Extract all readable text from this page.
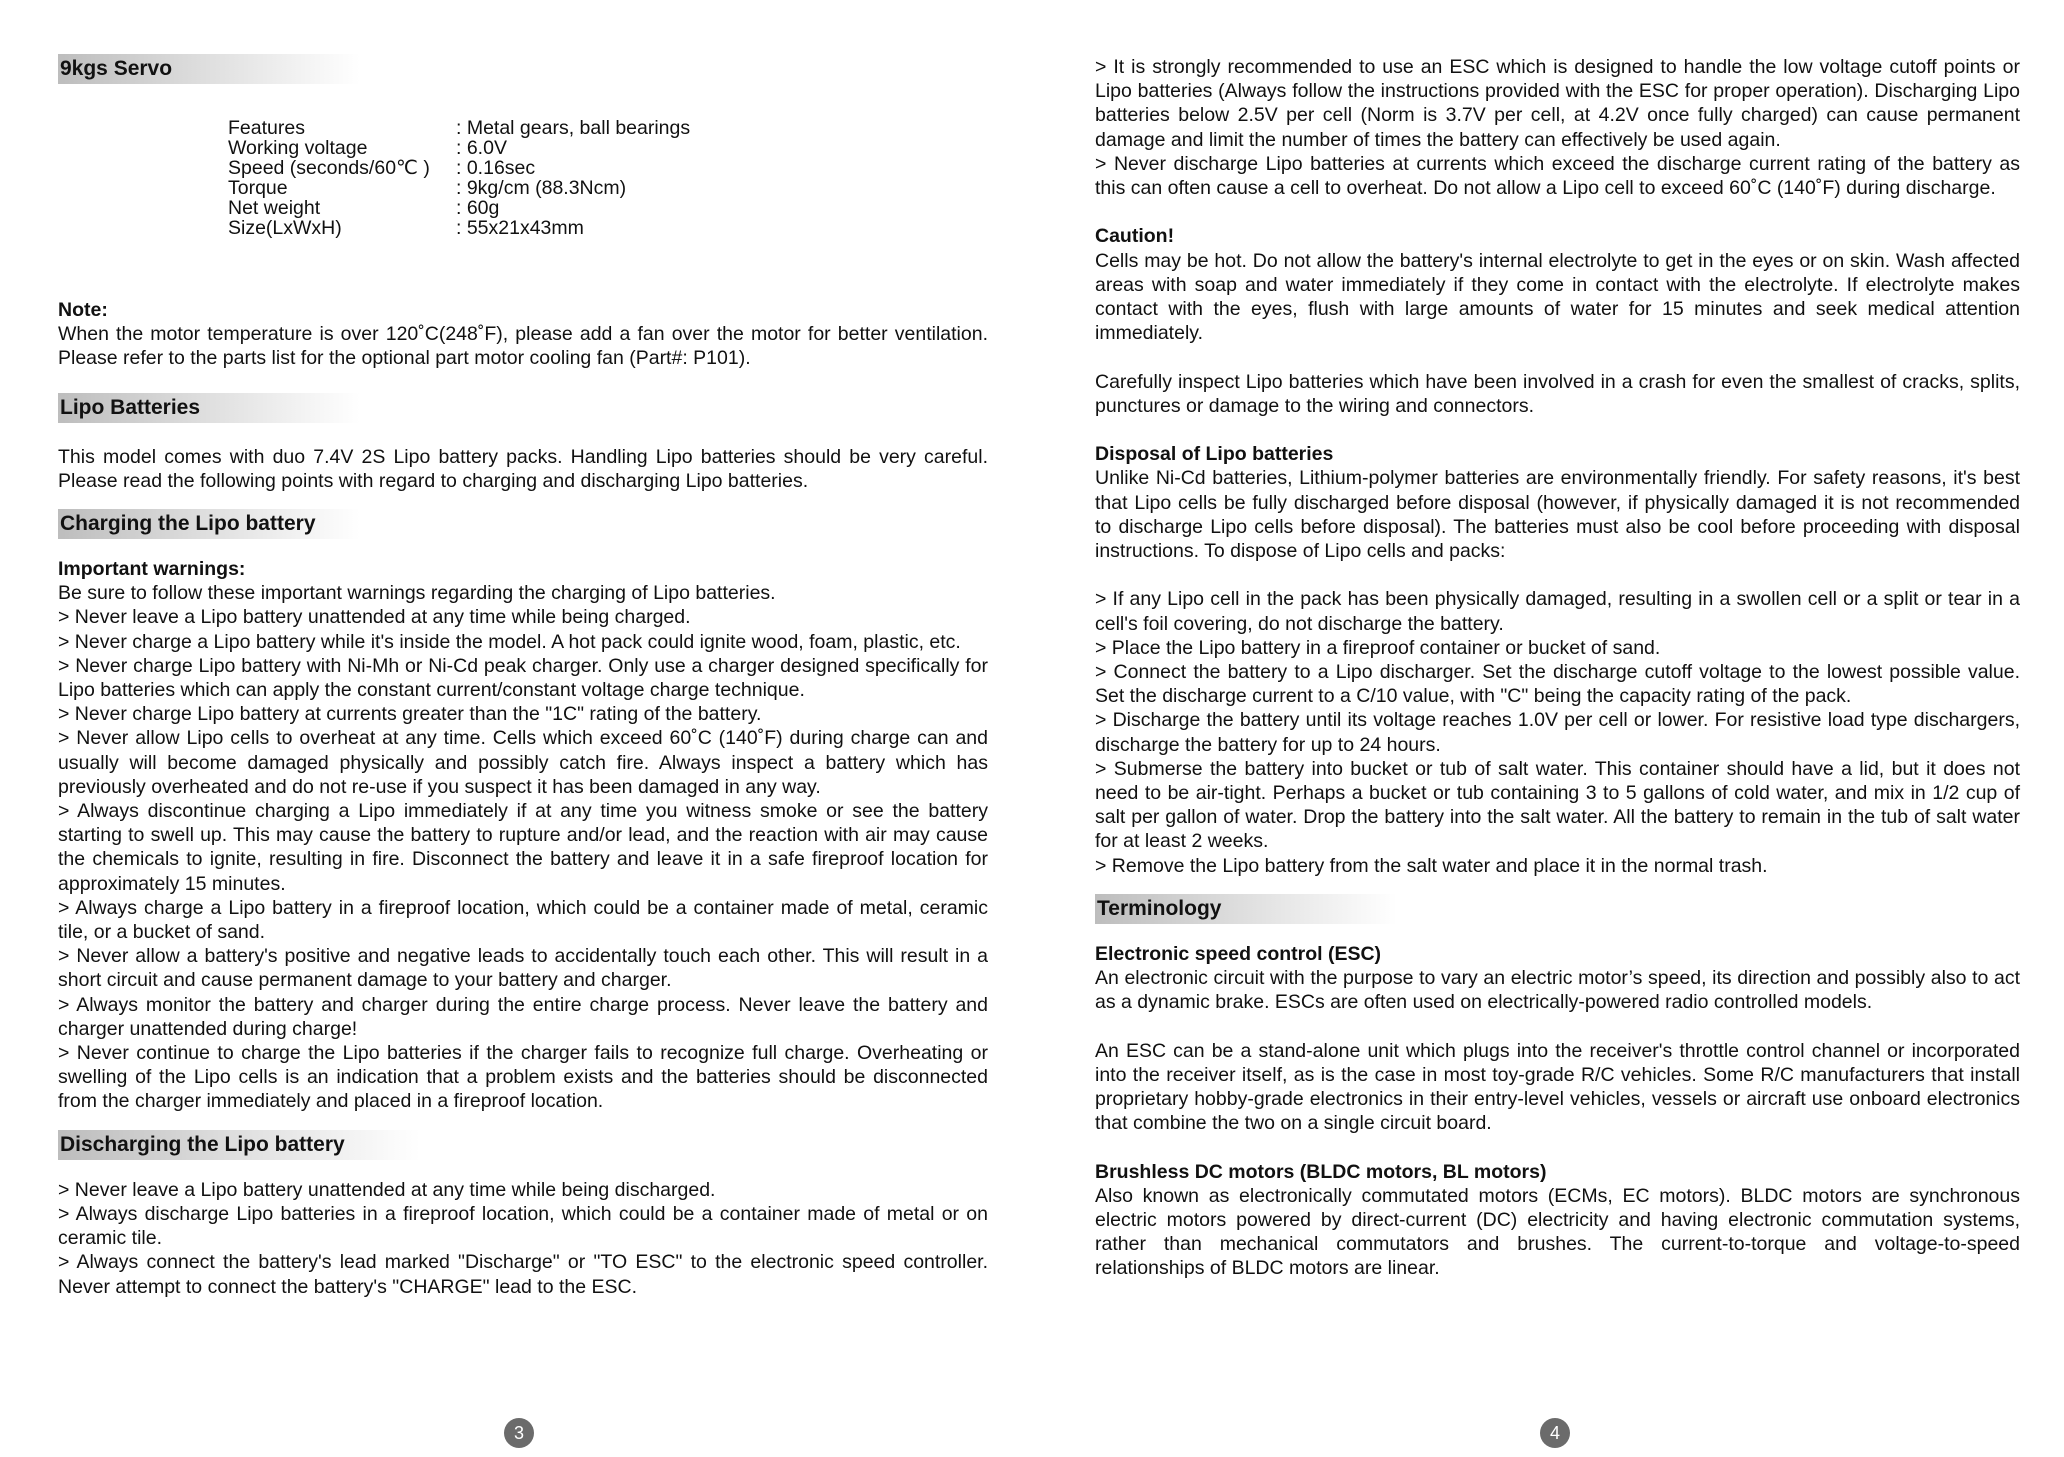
9kgs Servo
Features	: Metal gears, ball bearings
Working voltage	: 6.0V
Speed (seconds/60℃ )	: 0.16sec
Torque	: 9kg/cm (88.3Ncm)
Net weight	: 60g
Size(LxWxH)	: 55x21x43mm

Note:

When the motor temperature is over 120˚C(248˚F), please add a fan over the motor for better ventilation. Please refer to the parts list for the optional part motor cooling fan (Part#: P101).

Lipo Batteries

This model comes with duo 7.4V 2S Lipo battery packs. Handling Lipo batteries should be very careful. Please read the following points with regard to charging and discharging Lipo batteries.

Charging the Lipo battery

Important warnings:

Be sure to follow these important warnings regarding the charging of Lipo batteries.

> Never leave a Lipo battery unattended at any time while being charged.

> Never charge a Lipo battery while it's inside the model. A hot pack could ignite wood, foam, plastic, etc.

> Never charge Lipo battery with Ni-Mh or Ni-Cd peak charger. Only use a charger designed specifically for Lipo batteries which can apply the constant current/constant voltage charge technique.

> Never charge Lipo battery at currents greater than the "1C" rating of the battery.

> Never allow Lipo cells to overheat at any time. Cells which exceed 60˚C (140˚F) during charge can and usually will become damaged physically and possibly catch fire. Always inspect a battery which has previously overheated and do not re-use if you suspect it has been damaged in any way.

> Always discontinue charging a Lipo immediately if at any time you witness smoke or see the battery starting to swell up. This may cause the battery to rupture and/or lead, and the reaction with air may cause the chemicals to ignite, resulting in fire. Disconnect the battery and leave it in a safe fireproof location for approximately 15 minutes.

> Always charge a Lipo battery in a fireproof location, which could be a container made of metal, ceramic tile, or a bucket of sand.

> Never allow a battery's positive and negative leads to accidentally touch each other. This will result in a short circuit and cause permanent damage to your battery and charger.

> Always monitor the battery and charger during the entire charge process. Never leave the battery and charger unattended during charge!

> Never continue to charge the Lipo batteries if the charger fails to recognize full charge. Overheating or swelling of the Lipo cells is an indication that a problem exists and the batteries should be disconnected from the charger immediately and placed in a fireproof location.

Discharging the Lipo battery

> Never leave a Lipo battery unattended at any time while being discharged.

> Always discharge Lipo batteries in a fireproof location, which could be a container made of metal or on ceramic tile.

> Always connect the battery's lead marked "Discharge" or "TO ESC" to the electronic speed controller. Never attempt to connect the battery's "CHARGE" lead to the ESC.

3

> It is strongly recommended to use an ESC which is designed to handle the low voltage cutoff points or Lipo batteries (Always follow the instructions provided with the ESC for proper operation). Discharging Lipo batteries below 2.5V per cell (Norm is 3.7V per cell, at 4.2V once fully charged) can cause permanent damage and limit the number of times the battery can effectively be used again.

> Never discharge Lipo batteries at currents which exceed the discharge current rating of the battery as this can often cause a cell to overheat. Do not allow a Lipo cell to exceed 60˚C (140˚F) during discharge.

Caution!

Cells may be hot. Do not allow the battery's internal electrolyte to get in the eyes or on skin. Wash affected areas with soap and water immediately if they come in contact with the electrolyte. If electrolyte makes contact with the eyes, flush with large amounts of water for 15 minutes and seek medical attention immediately.

Carefully inspect Lipo batteries which have been involved in a crash for even the smallest of cracks, splits, punctures or damage to the wiring and connectors.

Disposal of Lipo batteries

Unlike Ni-Cd batteries, Lithium-polymer batteries are environmentally friendly. For safety reasons, it's best that Lipo cells be fully discharged before disposal (however, if physically damaged it is not recommended to discharge Lipo cells before disposal). The batteries must also be cool before proceeding with disposal instructions. To dispose of Lipo cells and packs:

> If any Lipo cell in the pack has been physically damaged, resulting in a swollen cell or a split or tear in a cell's foil covering, do not discharge the battery.

> Place the Lipo battery in a fireproof container or bucket of sand.

> Connect the battery to a Lipo discharger. Set the discharge cutoff voltage to the lowest possible value. Set the discharge current to a C/10 value, with "C" being the capacity rating of the pack.

> Discharge the battery until its voltage reaches 1.0V per cell or lower. For resistive load type dischargers, discharge the battery for up to 24 hours.

> Submerse the battery into bucket or tub of salt water. This container should have a lid, but it does not need to be air-tight. Perhaps a bucket or tub containing 3 to 5 gallons of cold water, and mix in 1/2 cup of salt per gallon of water. Drop the battery into the salt water. All the battery to remain in the tub of salt water for at least 2 weeks.

> Remove the Lipo battery from the salt water and place it in the normal trash.

Terminology

Electronic speed control (ESC)

An electronic circuit with the purpose to vary an electric motor’s speed, its direction and possibly also to act as a dynamic brake. ESCs are often used on electrically-powered radio controlled models.

An ESC can be a stand-alone unit which plugs into the receiver's throttle control channel or incorporated into the receiver itself, as is the case in most toy-grade R/C vehicles. Some R/C manufacturers that install proprietary hobby-grade electronics in their entry-level vehicles, vessels or aircraft use onboard electronics that combine the two on a single circuit board.

Brushless DC motors (BLDC motors, BL motors)

Also known as electronically commutated motors (ECMs, EC motors). BLDC motors are synchronous electric motors powered by direct-current (DC) electricity and having electronic commutation systems, rather than mechanical commutators and brushes. The current-to-torque and voltage-to-speed relationships of BLDC motors are linear.

4
